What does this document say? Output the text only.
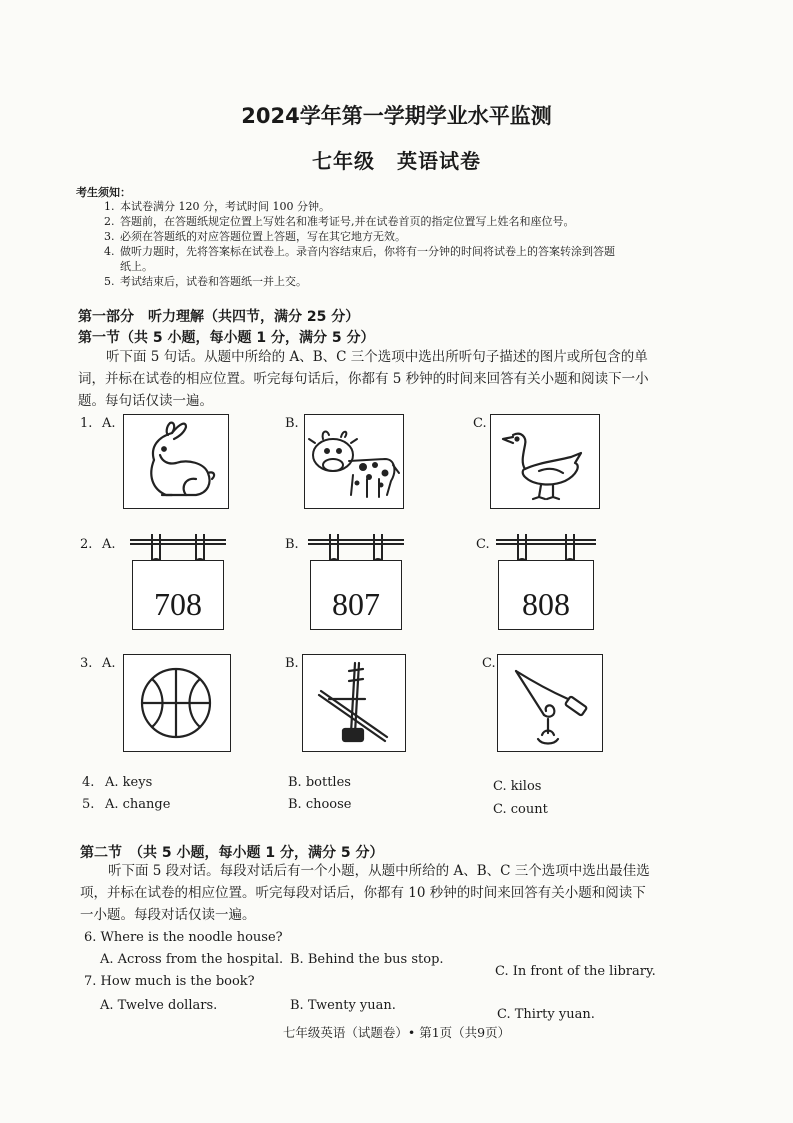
2024学年第一学期学业水平监测
七年级 英语试卷
考生须知：
1. 本试卷满分 120 分，考试时间 100 分钟。
2. 答题前，在答题纸规定位置上写姓名和准考证号,并在试卷首页的指定位置写上姓名和座位号。
3. 必须在答题纸的对应答题位置上答题，写在其它地方无效。
4. 做听力题时，先将答案标在试卷上。录音内容结束后，你将有一分钟的时间将试卷上的答案转涂到答题
纸上。
5. 考试结束后，试卷和答题纸一并上交。
第一部分　听力理解（共四节，满分 25 分）
第一节（共 5 小题，每小题 1 分，满分 5 分）
听下面 5 句话。从题中所给的 A、B、C 三个选项中选出所听句子描述的图片或所包含的单
词，并标在试卷的相应位置。听完每句话后，你都有 5 秒钟的时间来回答有关小题和阅读下一小
题。每句话仅读一遍。
1. A.	B.	C.
2. A.
708
B.
807
C.
808
3. A.	B.	C.
4. A. keys	B. bottles	C. kilos
5. A. change	B. choose	C. count
第二节　（共 5 小题，每小题 1 分，满分 5 分）
听下面 5 段对话。每段对话后有一个小题，从题中所给的 A、B、C 三个选项中选出最佳选
项，并标在试卷的相应位置。听完每段对话后，你都有 10 秒钟的时间来回答有关小题和阅读下
一小题。每段对话仅读一遍。
6. Where is the noodle house?
A. Across from the hospital. B. Behind the bus stop.
C. In front of the library.
7. How much is the book?
A. Twelve dollars.	B. Twenty yuan.
C. Thirty yuan.
七年级英语（试题卷）• 第1页（共9页）
